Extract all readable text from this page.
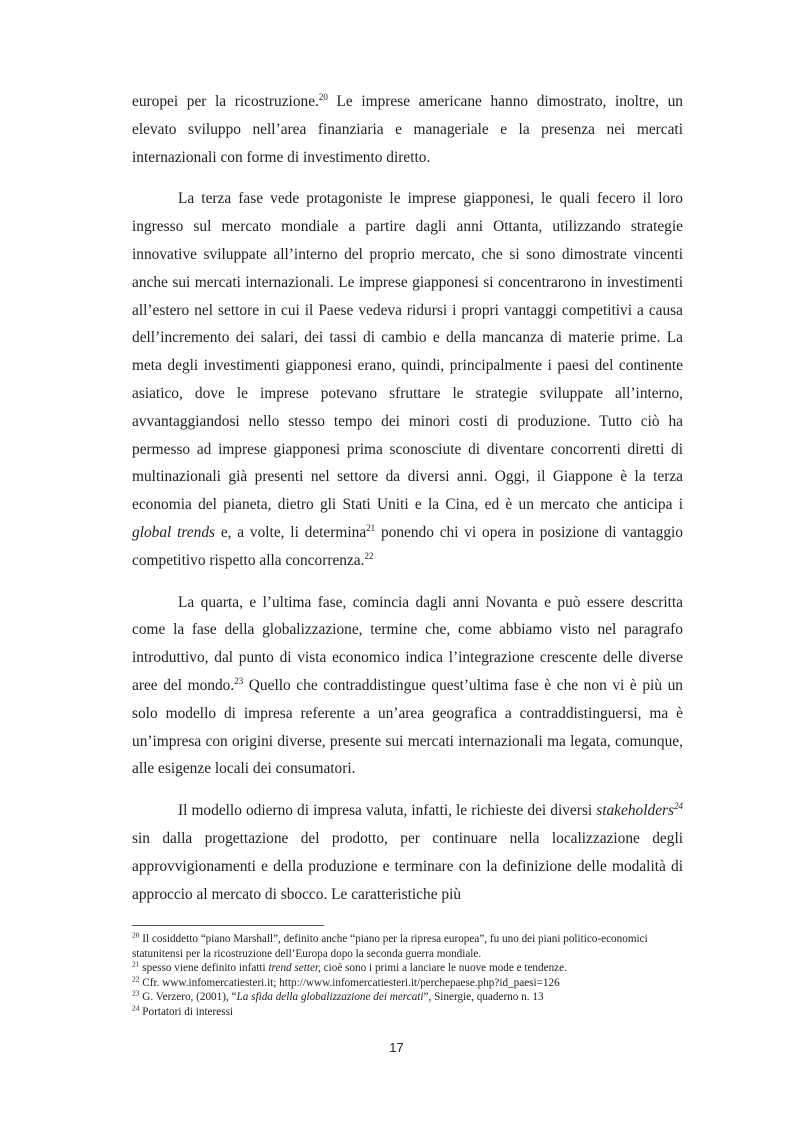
europei per la ricostruzione.$^{20}$ Le imprese americane hanno dimostrato, inoltre, un elevato sviluppo nell’area finanziaria e manageriale e la presenza nei mercati internazionali con forme di investimento diretto.

La terza fase vede protagoniste le imprese giapponesi, le quali fecero il loro ingresso sul mercato mondiale a partire dagli anni Ottanta, utilizzando strategie innovative sviluppate all’interno del proprio mercato, che si sono dimostrate vincenti anche sui mercati internazionali. Le imprese giapponesi si concentrarono in investimenti all’estero nel settore in cui il Paese vedeva ridursi i propri vantaggi competitivi a causa dell’incremento dei salari, dei tassi di cambio e della mancanza di materie prime. La meta degli investimenti giapponesi erano, quindi, principalmente i paesi del continente asiatico, dove le imprese potevano sfruttare le strategie sviluppate all’interno, avvantaggiandosi nello stesso tempo dei minori costi di produzione. Tutto ciò ha permesso ad imprese giapponesi prima sconosciute di diventare concorrenti diretti di multinazionali già presenti nel settore da diversi anni. Oggi, il Giappone è la terza economia del pianeta, dietro gli Stati Uniti e la Cina, ed è un mercato che anticipa i global trends e, a volte, li determina$^{21}$ ponendo chi vi opera in posizione di vantaggio competitivo rispetto alla concorrenza.$^{22}$

La quarta, e l’ultima fase, comincia dagli anni Novanta e può essere descritta come la fase della globalizzazione, termine che, come abbiamo visto nel paragrafo introduttivo, dal punto di vista economico indica l’integrazione crescente delle diverse aree del mondo.$^{23}$ Quello che contraddistingue quest’ultima fase è che non vi è più un solo modello di impresa referente a un’area geografica a contraddistinguersi, ma è un’impresa con origini diverse, presente sui mercati internazionali ma legata, comunque, alle esigenze locali dei consumatori.

Il modello odierno di impresa valuta, infatti, le richieste dei diversi stakeholders$^{24}$ sin dalla progettazione del prodotto, per continuare nella localizzazione degli approvvigionamenti e della produzione e terminare con la definizione delle modalità di approccio al mercato di sbocco. Le caratteristiche più

$^{20}$ Il cosiddetto “piano Marshall”, definito anche “piano per la ripresa europea”, fu uno dei piani politico-economici statunitensi per la ricostruzione dell’Europa dopo la seconda guerra mondiale.
$^{21}$ spesso viene definito infatti trend setter, cioè sono i primi a lanciare le nuove mode e tendenze.
$^{22}$ Cfr. www.infomercatiesteri.it; http://www.infomercatiesteri.it/perchepaese.php?id_paesi=126
$^{23}$ G. Verzero, (2001), “La sfida della globalizzazione dei mercati”, Sinergie, quaderno n. 13
$^{24}$ Portatori di interessi
17
